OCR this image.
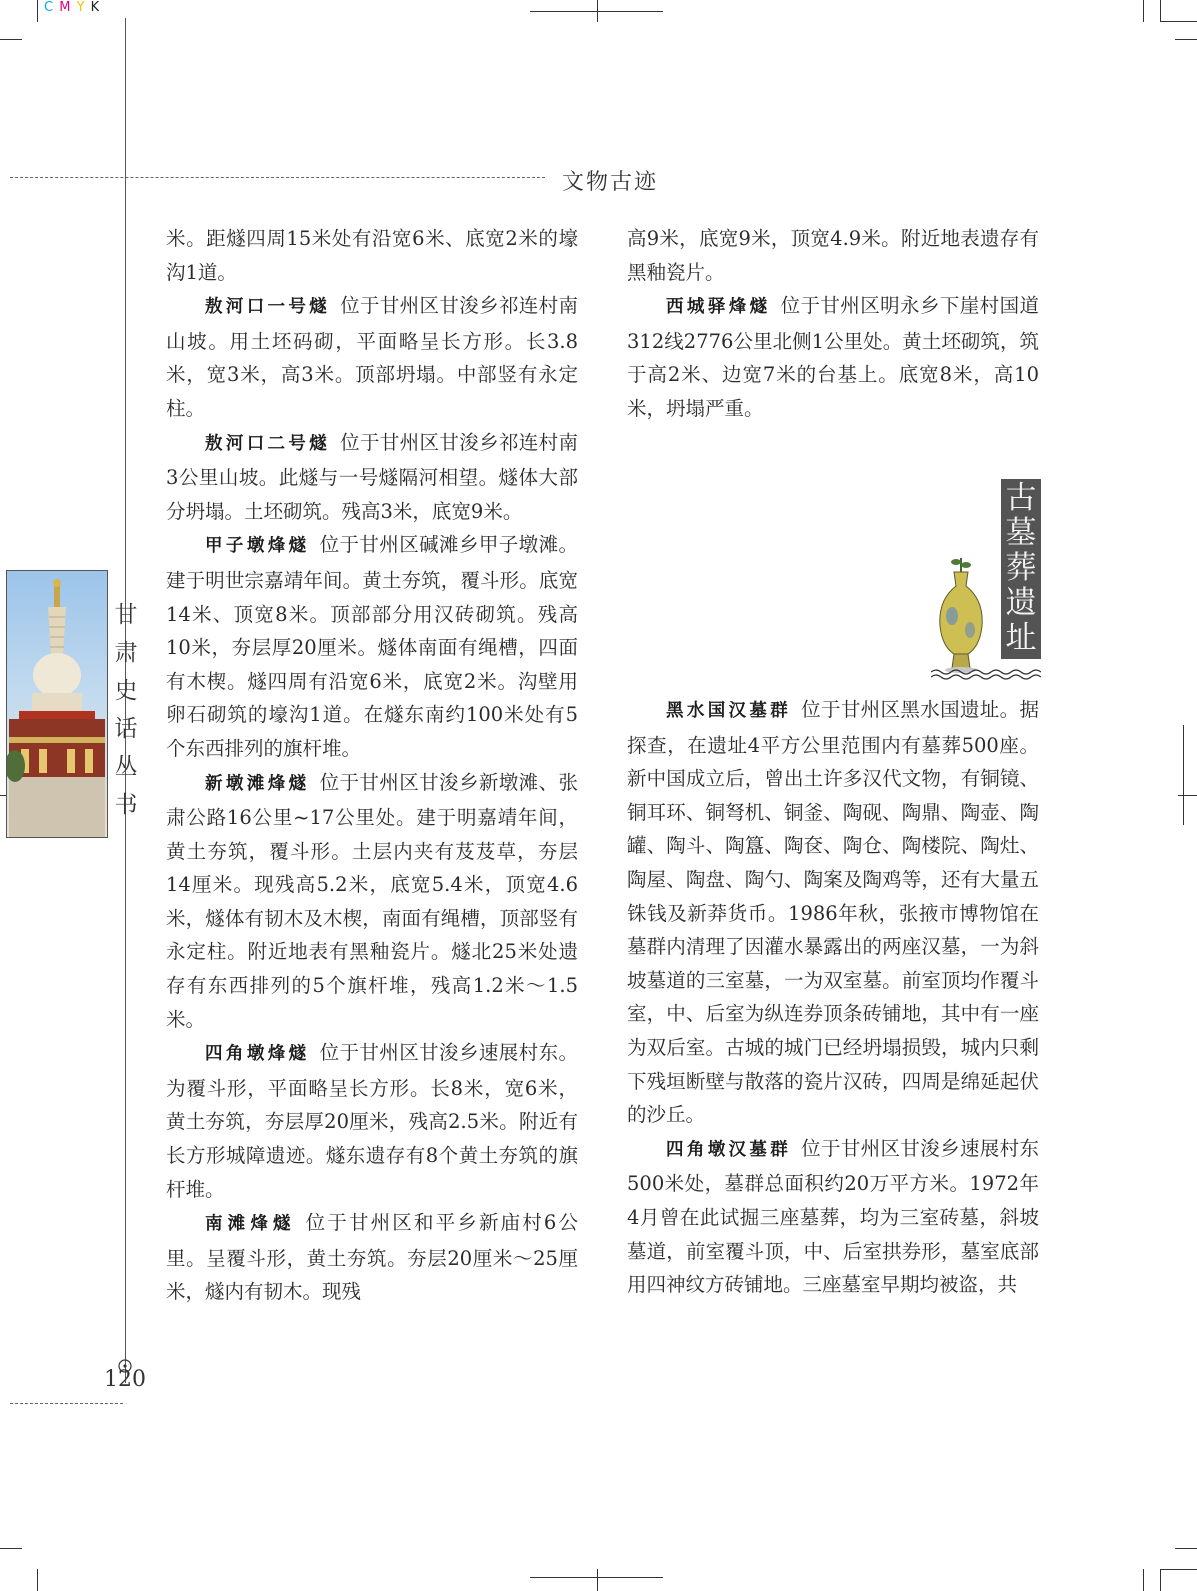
C M Y K
文物古迹
甘
肃
史
话
丛
书
120

米。距燧四周15米处有沿宽6米、底宽2米的壕沟1道。

敖河口一号燧 位于甘州区甘浚乡祁连村南山坡。用土坯码砌，平面略呈长方形。长3.8米，宽3米，高3米。顶部坍塌。中部竖有永定柱。

敖河口二号燧 位于甘州区甘浚乡祁连村南3公里山坡。此燧与一号燧隔河相望。燧体大部分坍塌。土坯砌筑。残高3米，底宽9米。

甲子墩烽燧 位于甘州区碱滩乡甲子墩滩。建于明世宗嘉靖年间。黄土夯筑，覆斗形。底宽14米、顶宽8米。顶部部分用汉砖砌筑。残高10米，夯层厚20厘米。燧体南面有绳槽，四面有木楔。燧四周有沿宽6米，底宽2米。沟壁用卵石砌筑的壕沟1道。在燧东南约100米处有5个东西排列的旗杆堆。

新墩滩烽燧 位于甘州区甘浚乡新墩滩、张肃公路16公里~17公里处。建于明嘉靖年间，黄土夯筑，覆斗形。土层内夹有芨芨草，夯层14厘米。现残高5.2米，底宽5.4米，顶宽4.6米，燧体有韧木及木楔，南面有绳槽，顶部竖有永定柱。附近地表有黑釉瓷片。燧北25米处遗存有东西排列的5个旗杆堆，残高1.2米～1.5米。

四角墩烽燧 位于甘州区甘浚乡速展村东。为覆斗形，平面略呈长方形。长8米，宽6米，黄土夯筑，夯层厚20厘米，残高2.5米。附近有长方形城障遗迹。燧东遗存有8个黄土夯筑的旗杆堆。

南滩烽燧 位于甘州区和平乡新庙村6公里。呈覆斗形，黄土夯筑。夯层20厘米～25厘米，燧内有韧木。现残

高9米，底宽9米，顶宽4.9米。附近地表遗存有黑釉瓷片。

西城驿烽燧 位于甘州区明永乡下崖村国道312线2776公里北侧1公里处。黄土坯砌筑，筑于高2米、边宽7米的台基上。底宽8米，高10米，坍塌严重。

古
墓
葬
遗
址

黑水国汉墓群 位于甘州区黑水国遗址。据探查，在遗址4平方公里范围内有墓葬500座。新中国成立后，曾出土许多汉代文物，有铜镜、铜耳环、铜弩机、铜釜、陶砚、陶鼎、陶壶、陶罐、陶斗、陶簋、陶奁、陶仓、陶楼院、陶灶、陶屋、陶盘、陶勺、陶案及陶鸡等，还有大量五铢钱及新莽货币。1986年秋，张掖市博物馆在墓群内清理了因灌水暴露出的两座汉墓，一为斜坡墓道的三室墓，一为双室墓。前室顶均作覆斗室，中、后室为纵连券顶条砖铺地，其中有一座为双后室。古城的城门已经坍塌损毁，城内只剩下残垣断壁与散落的瓷片汉砖，四周是绵延起伏的沙丘。

四角墩汉墓群 位于甘州区甘浚乡速展村东500米处，墓群总面积约20万平方米。1972年4月曾在此试掘三座墓葬，均为三室砖墓，斜坡墓道，前室覆斗顶，中、后室拱券形，墓室底部用四神纹方砖铺地。三座墓室早期均被盗，共
